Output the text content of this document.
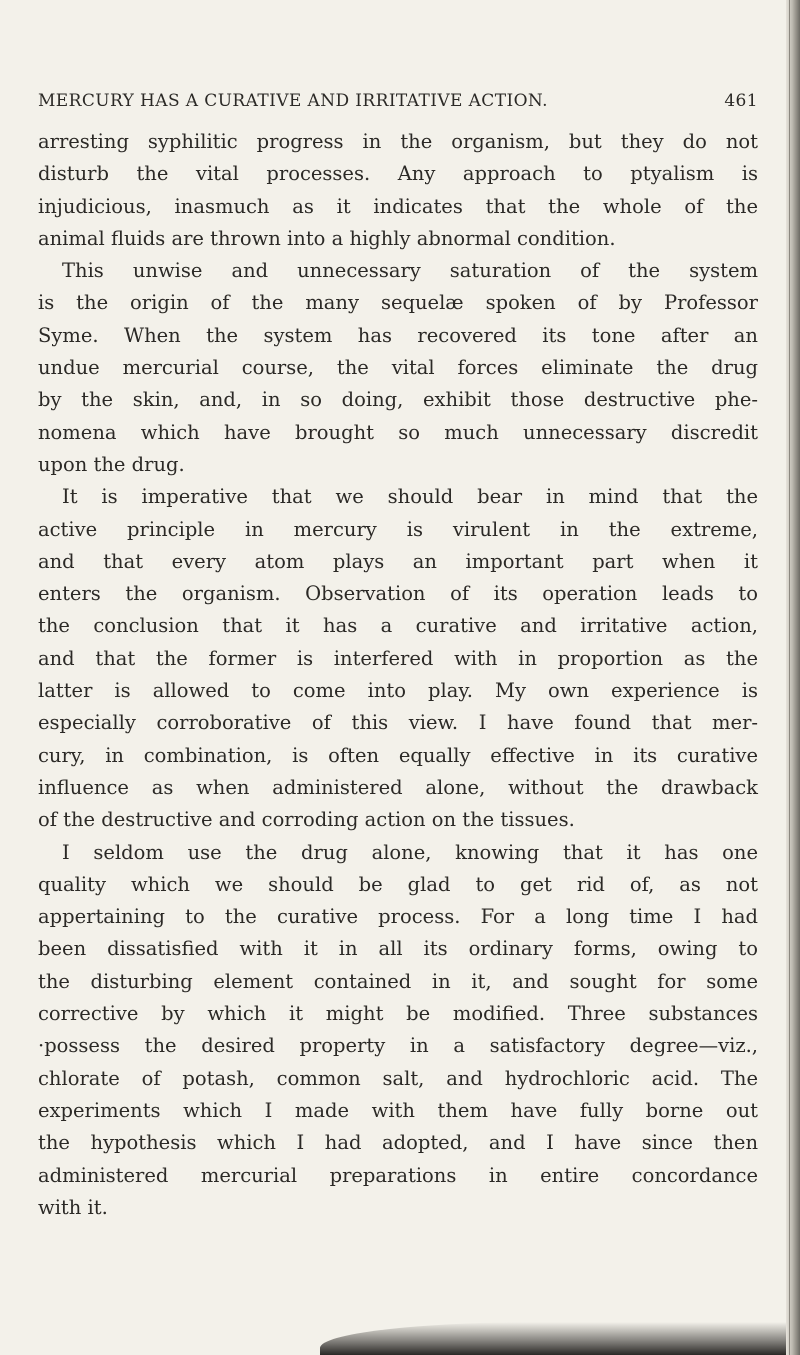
MERCURY HAS A CURATIVE AND IRRITATIVE ACTION.	461
arresting syphilitic progress in the organism, but they do not
disturb the vital processes. Any approach to ptyalism is
injudicious, inasmuch as it indicates that the whole of the
animal fluids are thrown into a highly abnormal condition.
This unwise and unnecessary saturation of the system
is the origin of the many sequelæ spoken of by Professor
Syme. When the system has recovered its tone after an
undue mercurial course, the vital forces eliminate the drug
by the skin, and, in so doing, exhibit those destructive phe-
nomena which have brought so much unnecessary discredit
upon the drug.
It is imperative that we should bear in mind that the
active principle in mercury is virulent in the extreme,
and that every atom plays an important part when it
enters the organism. Observation of its operation leads to
the conclusion that it has a curative and irritative action,
and that the former is interfered with in proportion as the
latter is allowed to come into play. My own experience is
especially corroborative of this view. I have found that mer-
cury, in combination, is often equally effective in its curative
influence as when administered alone, without the drawback
of the destructive and corroding action on the tissues.
I seldom use the drug alone, knowing that it has one
quality which we should be glad to get rid of, as not
appertaining to the curative process. For a long time I had
been dissatisfied with it in all its ordinary forms, owing to
the disturbing element contained in it, and sought for some
corrective by which it might be modified. Three substances
·possess the desired property in a satisfactory degree—viz.,
chlorate of potash, common salt, and hydrochloric acid. The
experiments which I made with them have fully borne out
the hypothesis which I had adopted, and I have since then
administered mercurial preparations in entire concordance
with it.
